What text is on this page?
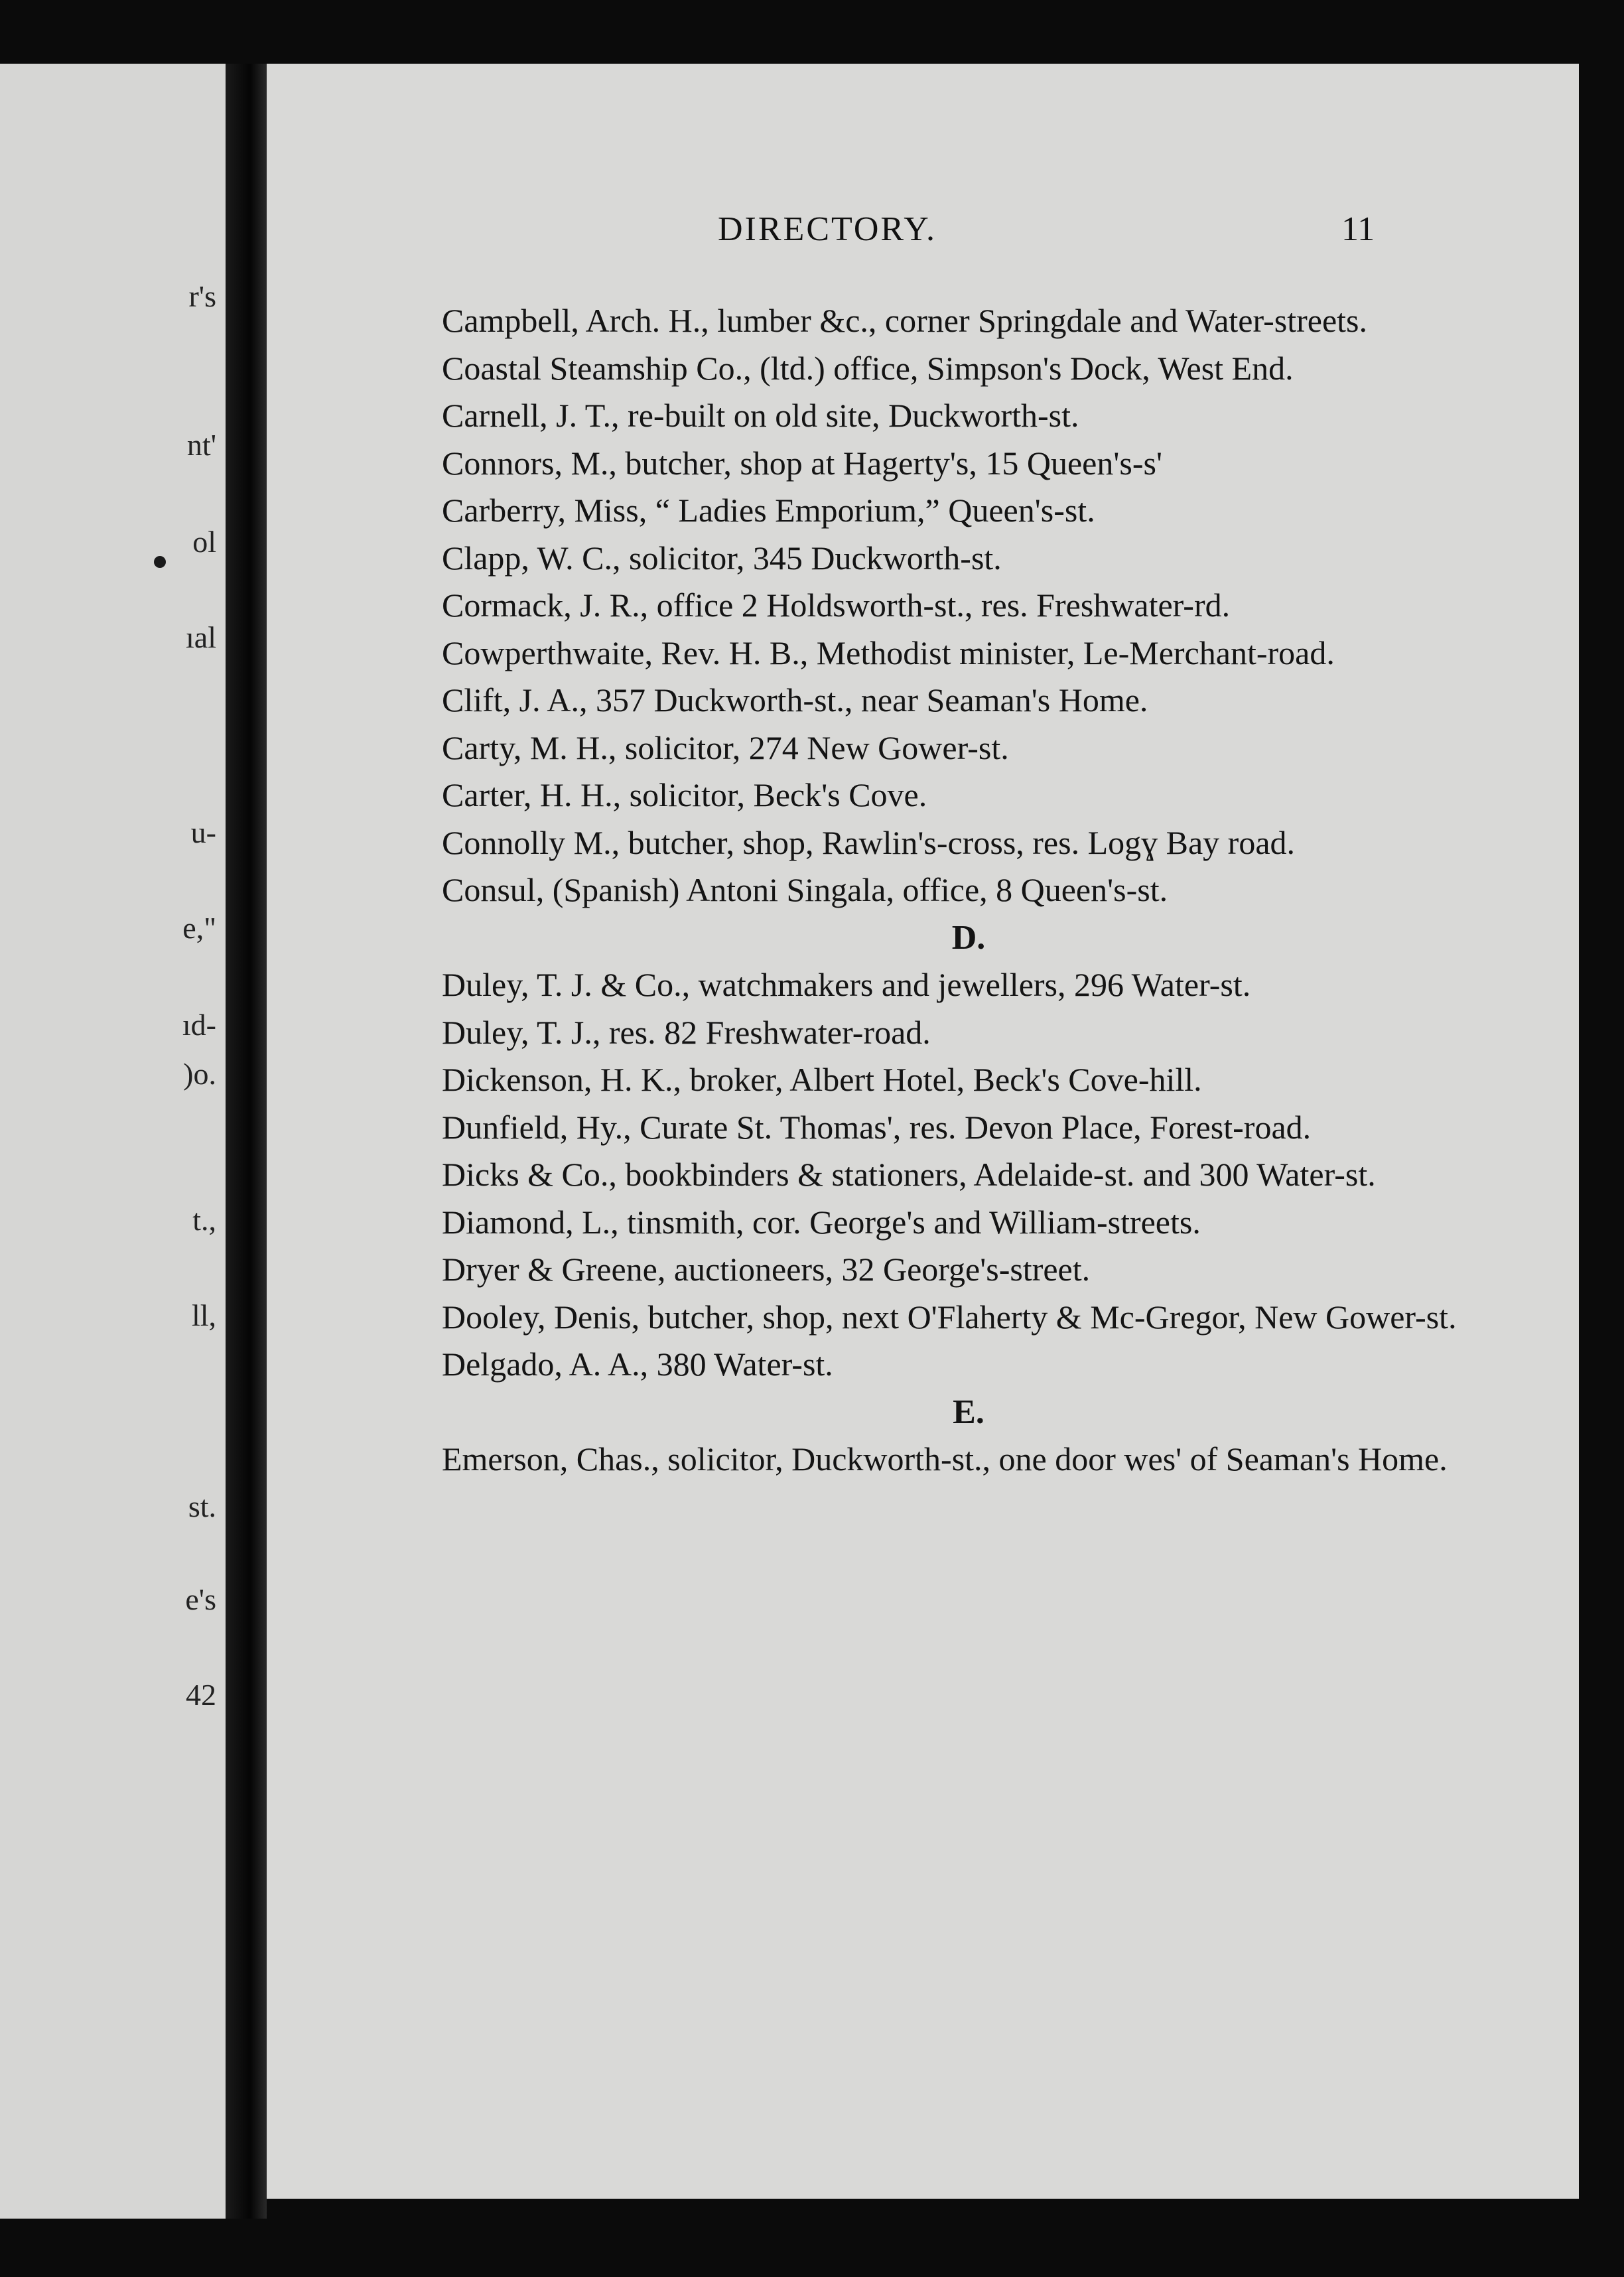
r's
nt'
ol
ıal
u-
e,"
ıd-
)o.
t.,
ll,
st.
e's
42
DIRECTORY.	11

Campbell, Arch. H., lumber &c., corner Springdale and Water-streets.

Coastal Steamship Co., (ltd.) office, Simpson's Dock, West End.

Carnell, J. T., re-built on old site, Duckworth-st.

Connors, M., butcher, shop at Hagerty's, 15 Queen's-s'

Carberry, Miss, “ Ladies Emporium,” Queen's-st.

Clapp, W. C., solicitor, 345 Duckworth-st.

Cormack, J. R., office 2 Holdsworth-st., res. Freshwater-rd.

Cowperthwaite, Rev. H. B., Methodist minister, Le-Merchant-road.

Clift, J. A., 357 Duckworth-st., near Seaman's Home.

Carty, M. H., solicitor, 274 New Gower-st.

Carter, H. H., solicitor, Beck's Cove.

Connolly M., butcher, shop, Rawlin's-cross, res. Logɣ Bay road.

Consul, (Spanish) Antoni Singala, office, 8 Queen's-st.

D.

Duley, T. J. & Co., watchmakers and jewellers, 296 Water-st.

Duley, T. J., res. 82 Freshwater-road.

Dickenson, H. K., broker, Albert Hotel, Beck's Cove-hill.

Dunfield, Hy., Curate St. Thomas', res. Devon Place, Forest-road.

Dicks & Co., bookbinders & stationers, Adelaide-st. and 300 Water-st.

Diamond, L., tinsmith, cor. George's and William-streets.

Dryer & Greene, auctioneers, 32 George's-street.

Dooley, Denis, butcher, shop, next O'Flaherty & Mc-Gregor, New Gower-st.

Delgado, A. A., 380 Water-st.

E.

Emerson, Chas., solicitor, Duckworth-st., one door wes' of Seaman's Home.
